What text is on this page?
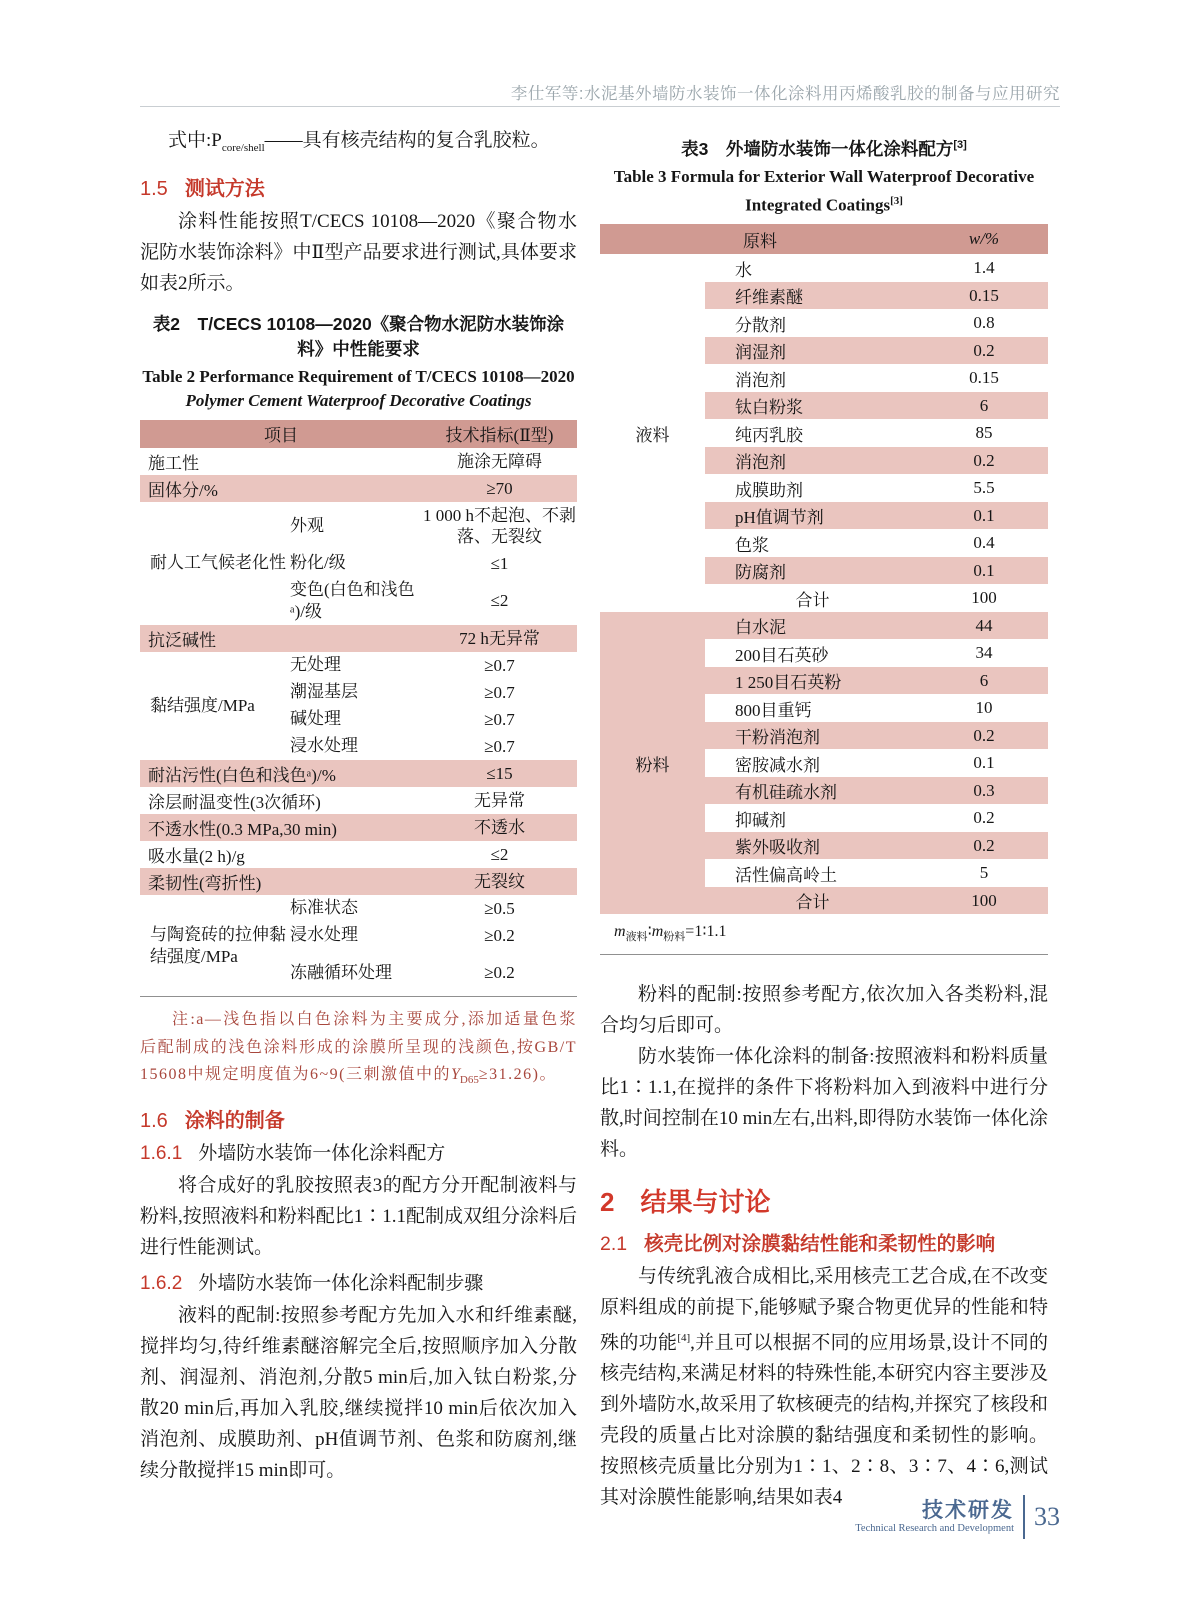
李仕军等:水泥基外墙防水装饰一体化涂料用丙烯酸乳胶的制备与应用研究

式中$:P_{core/shell}——$具有核壳结构的复合乳胶粒。

1.5 测试方法

涂料性能按照T/CECS 10108—2020《聚合物水泥防水装饰涂料》中Ⅱ型产品要求进行测试,具体要求如表2所示。

表2　T/CECS 10108—2020《聚合物水泥防水装饰涂料》中性能要求
Table 2 Performance Requirement of T/CECS 10108—2020 Polymer Cement Waterproof Decorative Coatings
项目		技术指标(Ⅱ型)
施工性		施涂无障碍
固体分/%		≥70
耐人工气候老化性	外观	1 000 h不起泡、不剥落、无裂纹
	粉化/级	≤1
	变色(白色和浅色ᵃ)/级	≤2
抗泛碱性		72 h无异常
黏结强度/MPa	无处理	≥0.7
	潮湿基层	≥0.7
	碱处理	≥0.7
	浸水处理	≥0.7
耐沾污性(白色和浅色ᵃ)/%		≤15
涂层耐温变性(3次循环)		无异常
不透水性(0.3 MPa,30 min)		不透水
吸水量(2 h)/g		≤2
柔韧性(弯折性)		无裂纹
与陶瓷砖的拉伸黏结强度/MPa	标准状态	≥0.5
	浸水处理	≥0.2
	冻融循环处理	≥0.2

注:a—浅色指以白色涂料为主要成分,添加适量色浆后配制成的浅色涂料形成的涂膜所呈现的浅颜色,按GB/T 15608中规定明度值为6~9(三刺激值中的$Y_{D65}\ge 31.26$)。

1.6 涂料的制备
1.6.1 外墙防水装饰一体化涂料配方

将合成好的乳胶按照表3的配方分开配制液料与粉料,按照液料和粉料配比1∶1.1配制成双组分涂料后进行性能测试。

1.6.2 外墙防水装饰一体化涂料配制步骤

液料的配制:按照参考配方先加入水和纤维素醚,搅拌均匀,待纤维素醚溶解完全后,按照顺序加入分散剂、润湿剂、消泡剂,分散5 min后,加入钛白粉浆,分散20 min后,再加入乳胶,继续搅拌10 min后依次加入消泡剂、成膜助剂、pH值调节剂、色浆和防腐剂,继续分散搅拌15 min即可。

表3　外墙防水装饰一体化涂料配方[3]
Table 3 Formula for Exterior Wall Waterproof Decorative
Integrated Coatings[3]
原料		w/%
液料	水	1.4
	纤维素醚	0.15
	分散剂	0.8
	润湿剂	0.2
	消泡剂	0.15
	钛白粉浆	6
	纯丙乳胶	85
	消泡剂	0.2
	成膜助剂	5.5
	pH值调节剂	0.1
	色浆	0.4
	防腐剂	0.1
	合计	100
粉料	白水泥	44
	200目石英砂	34
	1 250目石英粉	6
	800目重钙	10
	干粉消泡剂	0.2
	密胺减水剂	0.1
	有机硅疏水剂	0.3
	抑碱剂	0.2
	紫外吸收剂	0.2
	活性偏高岭土	5
	合计	100
$m_{液料}∶m_{粉料}=1∶1.1$

粉料的配制:按照参考配方,依次加入各类粉料,混合均匀后即可。

防水装饰一体化涂料的制备:按照液料和粉料质量比1∶1.1,在搅拌的条件下将粉料加入到液料中进行分散,时间控制在10 min左右,出料,即得防水装饰一体化涂料。

2 结果与讨论
2.1 核壳比例对涂膜黏结性能和柔韧性的影响

与传统乳液合成相比,采用核壳工艺合成,在不改变原料组成的前提下,能够赋予聚合物更优异的性能和特殊的功能[4],并且可以根据不同的应用场景,设计不同的核壳结构,来满足材料的特殊性能,本研究内容主要涉及到外墙防水,故采用了软核硬壳的结构,并探究了核段和壳段的质量占比对涂膜的黏结强度和柔韧性的影响。按照核壳质量比分别为1∶1、2∶8、3∶7、4∶6,测试其对涂膜性能影响,结果如表4

技术研发
Technical Research and Development 33
